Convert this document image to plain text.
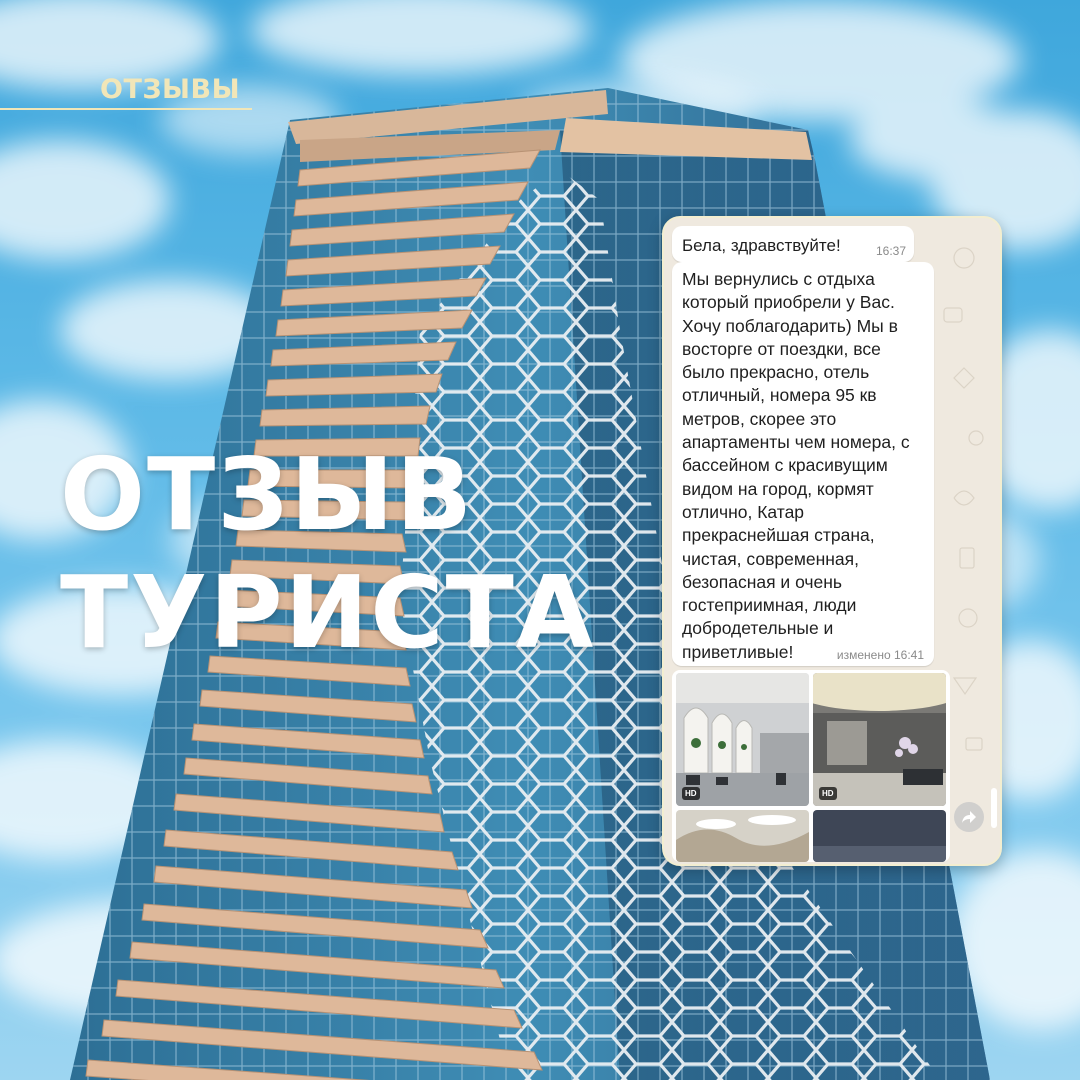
ОТЗЫВЫ
ОТЗЫВ
ТУРИСТА
Бела, здравствуйте!	16:37
Мы вернулись с отдыха
который приобрели у Вас.
Хочу поблагодарить) Мы в
восторге от поездки, все
было прекрасно, отель
отличный, номера 95 кв
метров, скорее это
апартаменты чем номера, с
бассейном с красивущим
видом на город, кормят
отлично, Катар
прекраснейшая страна,
чистая, современная,
безопасная и очень
гостеприимная, люди
добродетельные и
приветливые!	изменено 16:41
HD	HD
